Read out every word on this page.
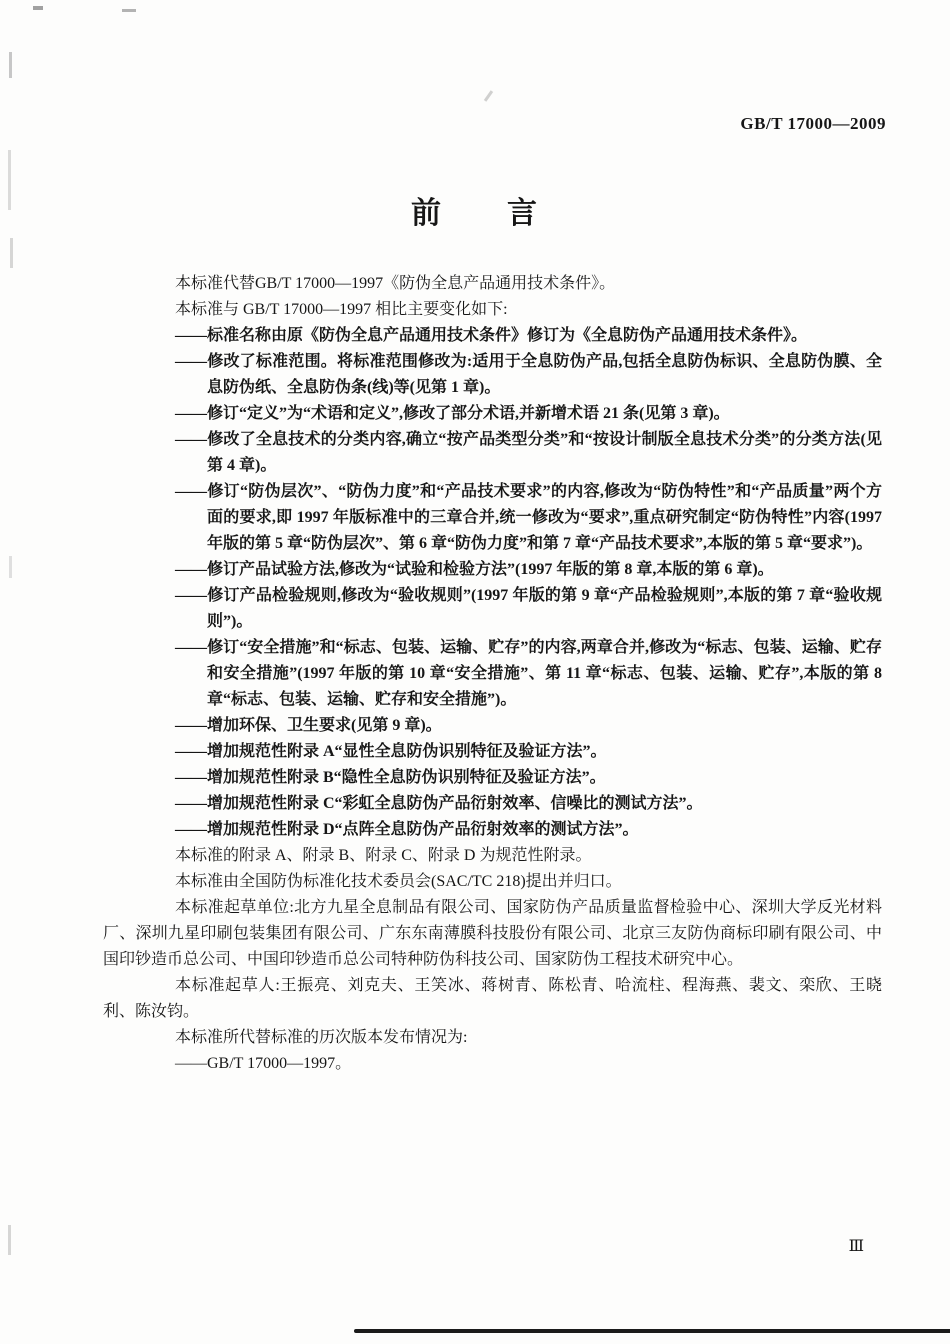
GB/T 17000—2009
前　　言

本标准代替GB/T 17000—1997《防伪全息产品通用技术条件》。

本标准与 GB/T 17000—1997 相比主要变化如下:

——标准名称由原《防伪全息产品通用技术条件》修订为《全息防伪产品通用技术条件》。

——修改了标准范围。将标准范围修改为:适用于全息防伪产品,包括全息防伪标识、全息防伪膜、全息防伪纸、全息防伪条(线)等(见第 1 章)。

——修订“定义”为“术语和定义”,修改了部分术语,并新增术语 21 条(见第 3 章)。

——修改了全息技术的分类内容,确立“按产品类型分类”和“按设计制版全息技术分类”的分类方法(见第 4 章)。

——修订“防伪层次”、“防伪力度”和“产品技术要求”的内容,修改为“防伪特性”和“产品质量”两个方面的要求,即 1997 年版标准中的三章合并,统一修改为“要求”,重点研究制定“防伪特性”内容(1997 年版的第 5 章“防伪层次”、第 6 章“防伪力度”和第 7 章“产品技术要求”,本版的第 5 章“要求”)。

——修订产品试验方法,修改为“试验和检验方法”(1997 年版的第 8 章,本版的第 6 章)。

——修订产品检验规则,修改为“验收规则”(1997 年版的第 9 章“产品检验规则”,本版的第 7 章“验收规则”)。

——修订“安全措施”和“标志、包装、运输、贮存”的内容,两章合并,修改为“标志、包装、运输、贮存和安全措施”(1997 年版的第 10 章“安全措施”、第 11 章“标志、包装、运输、贮存”,本版的第 8 章“标志、包装、运输、贮存和安全措施”)。

——增加环保、卫生要求(见第 9 章)。

——增加规范性附录 A“显性全息防伪识别特征及验证方法”。

——增加规范性附录 B“隐性全息防伪识别特征及验证方法”。

——增加规范性附录 C“彩虹全息防伪产品衍射效率、信噪比的测试方法”。

——增加规范性附录 D“点阵全息防伪产品衍射效率的测试方法”。

本标准的附录 A、附录 B、附录 C、附录 D 为规范性附录。

本标准由全国防伪标准化技术委员会(SAC/TC 218)提出并归口。

本标准起草单位:北方九星全息制品有限公司、国家防伪产品质量监督检验中心、深圳大学反光材料厂、深圳九星印刷包装集团有限公司、广东东南薄膜科技股份有限公司、北京三友防伪商标印刷有限公司、中国印钞造币总公司、中国印钞造币总公司特种防伪科技公司、国家防伪工程技术研究中心。

本标准起草人:王振亮、刘克夫、王笑冰、蒋树青、陈松青、哈流柱、程海燕、裴文、栾欣、王晓利、陈汝钧。

本标准所代替标准的历次版本发布情况为:

——GB/T 17000—1997。

Ⅲ
